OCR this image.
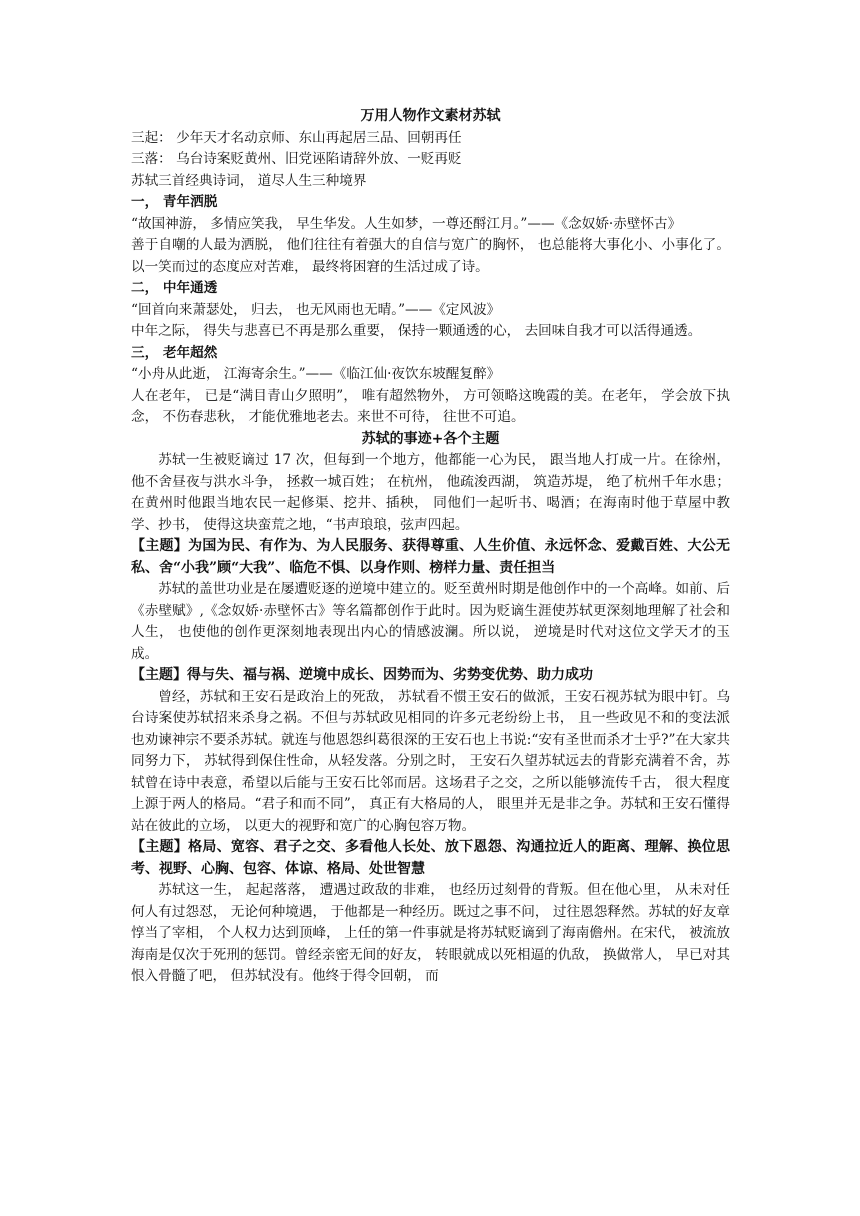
万用人物作文素材苏轼

三起： 少年天才名动京师、东山再起居三品、回朝再任

三落： 乌台诗案贬黄州、旧党诬陷请辞外放、一贬再贬

苏轼三首经典诗词， 道尽人生三种境界

一， 青年洒脱

“故国神游， 多情应笑我， 早生华发。人生如梦，一尊还酹江月。”——《念奴娇·赤壁怀古》

善于自嘲的人最为洒脱， 他们往往有着强大的自信与宽广的胸怀， 也总能将大事化小、小事化了。以一笑而过的态度应对苦难， 最终将困窘的生活过成了诗。

二， 中年通透

“回首向来萧瑟处， 归去， 也无风雨也无晴。”——《定风波》

中年之际， 得失与悲喜已不再是那么重要， 保持一颗通透的心， 去回味自我才可以活得通透。

三， 老年超然

“小舟从此逝， 江海寄余生。”——《临江仙·夜饮东坡醒复醉》

人在老年， 已是“满目青山夕照明”， 唯有超然物外， 方可领略这晚霞的美。在老年， 学会放下执念， 不伤春悲秋， 才能优雅地老去。来世不可待， 往世不可追。

苏轼的事迹+各个主题

苏轼一生被贬谪过 17 次，但每到一个地方，他都能一心为民， 跟当地人打成一片。在徐州， 他不舍昼夜与洪水斗争， 拯救一城百姓； 在杭州， 他疏浚西湖， 筑造苏堤， 绝了杭州千年水患； 在黄州时他跟当地农民一起修渠、挖井、插秧， 同他们一起听书、喝酒；在海南时他于草屋中教学、抄书， 使得这块蛮荒之地，“书声琅琅，弦声四起。

【主题】为国为民、有作为、为人民服务、获得尊重、人生价值、永远怀念、爱戴百姓、大公无私、舍“小我”顾“大我”、临危不惧、以身作则、榜样力量、责任担当

苏轼的盖世功业是在屡遭贬逐的逆境中建立的。贬至黄州时期是他创作中的一个高峰。如前、后《赤壁赋》,《念奴娇·赤壁怀古》等名篇都创作于此时。因为贬谪生涯使苏轼更深刻地理解了社会和人生， 也使他的创作更深刻地表现出内心的情感波澜。所以说， 逆境是时代对这位文学天才的玉成。

【主题】得与失、福与祸、逆境中成长、因势而为、劣势变优势、助力成功

曾经，苏轼和王安石是政治上的死敌， 苏轼看不惯王安石的做派，王安石视苏轼为眼中钉。乌台诗案使苏轼招来杀身之祸。不但与苏轼政见相同的许多元老纷纷上书， 且一些政见不和的变法派也劝谏神宗不要杀苏轼。就连与他恩怨纠葛很深的王安石也上书说:“安有圣世而杀才士乎?”在大家共同努力下， 苏轼得到保住性命，从轻发落。分别之时， 王安石久望苏轼远去的背影充满着不舍，苏轼曾在诗中表意，希望以后能与王安石比邻而居。这场君子之交，之所以能够流传千古， 很大程度上源于两人的格局。“君子和而不同”， 真正有大格局的人， 眼里并无是非之争。苏轼和王安石懂得站在彼此的立场， 以更大的视野和宽广的心胸包容万物。

【主题】格局、宽容、君子之交、多看他人长处、放下恩怨、沟通拉近人的距离、理解、换位思考、视野、心胸、包容、体谅、格局、处世智慧

苏轼这一生， 起起落落， 遭遇过政敌的非难， 也经历过刻骨的背叛。但在他心里， 从未对任何人有过怨怼， 无论何种境遇， 于他都是一种经历。既过之事不问， 过往恩怨释然。苏轼的好友章惇当了宰相， 个人权力达到顶峰， 上任的第一件事就是将苏轼贬谪到了海南儋州。在宋代， 被流放海南是仅次于死刑的惩罚。曾经亲密无间的好友， 转眼就成以死相逼的仇敌， 换做常人， 早已对其恨入骨髓了吧， 但苏轼没有。他终于得令回朝， 而
